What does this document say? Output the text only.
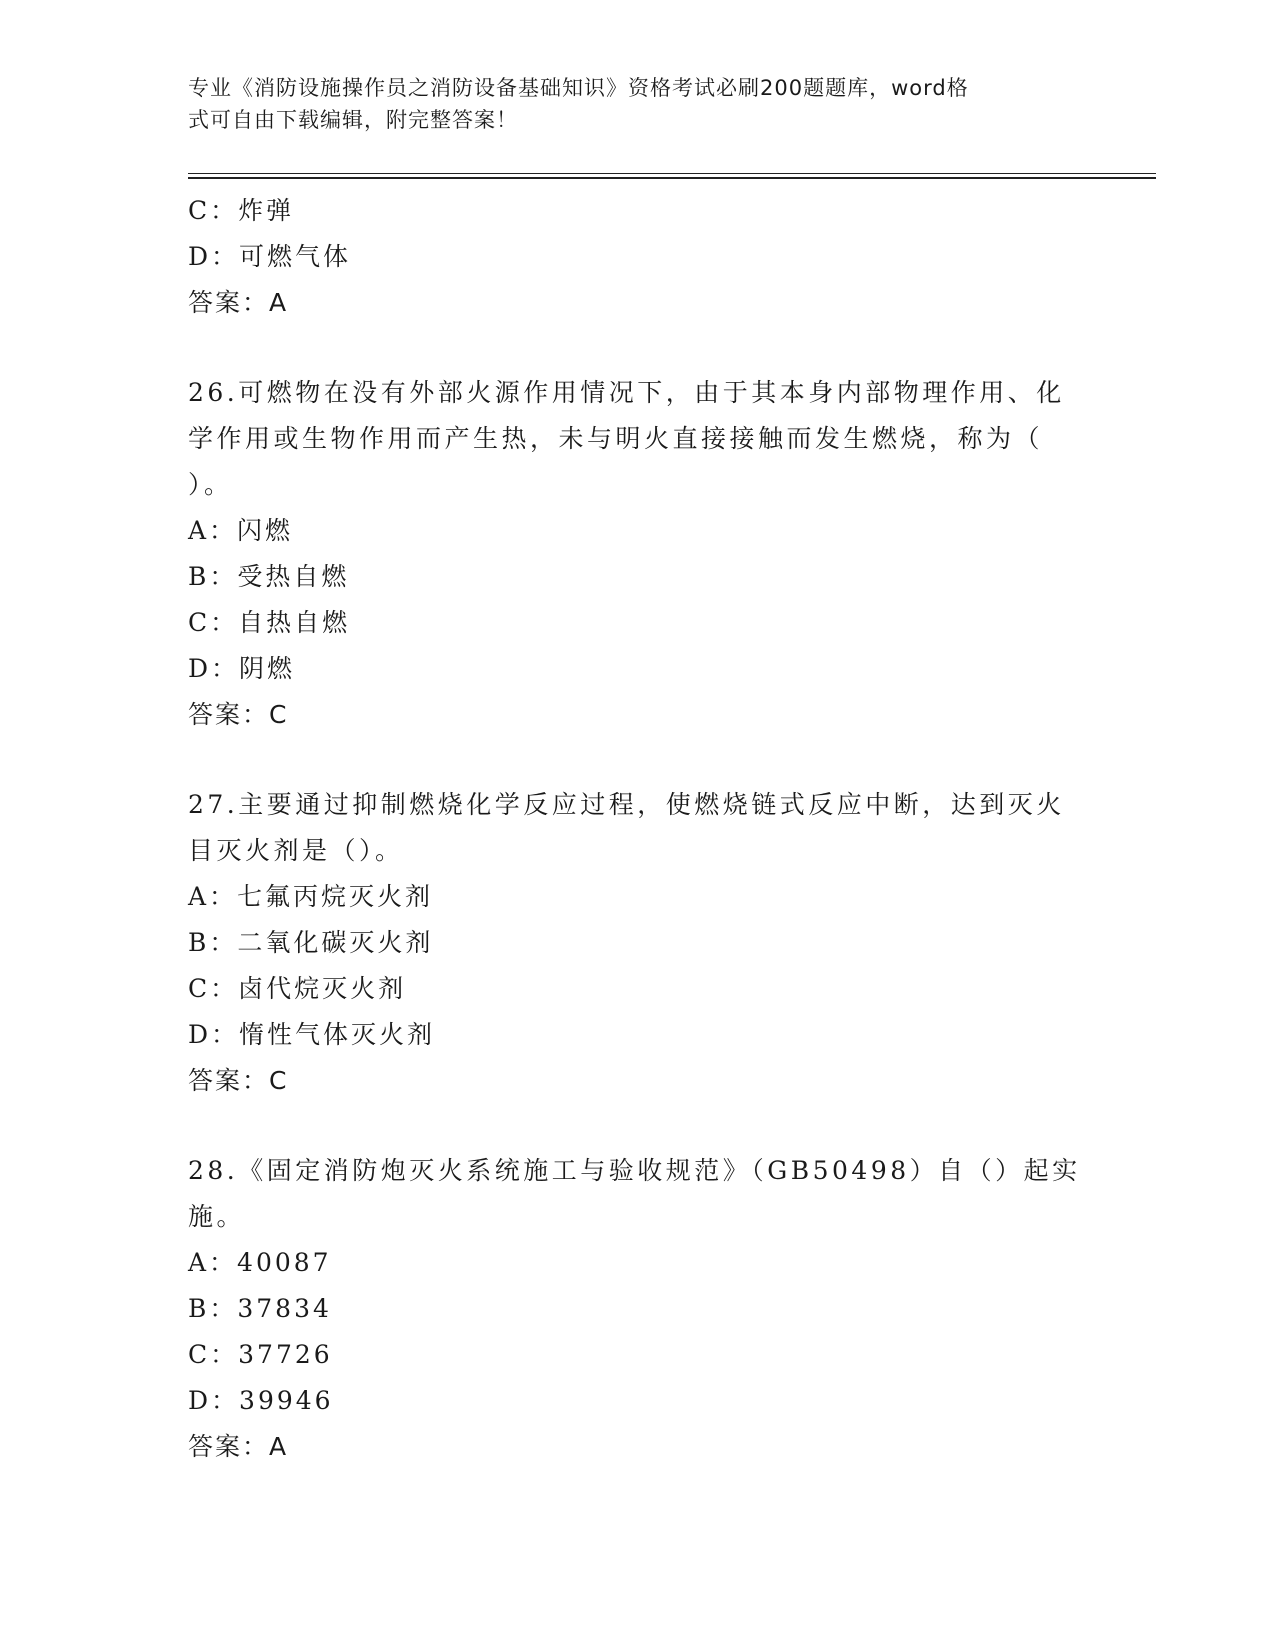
专业《消防设施操作员之消防设备基础知识》资格考试必刷200题题库，word格
式可自由下载编辑，附完整答案！
C：炸弹
D：可燃气体
答案：A
26.可燃物在没有外部火源作用情况下，由于其本身内部物理作用、化
学作用或生物作用而产生热，未与明火直接接触而发生燃烧，称为（
）。
A：闪燃
B：受热自燃
C：自热自燃
D：阴燃
答案：C
27.主要通过抑制燃烧化学反应过程，使燃烧链式反应中断，达到灭火
目灭火剂是（）。
A：七氟丙烷灭火剂
B：二氧化碳灭火剂
C：卤代烷灭火剂
D：惰性气体灭火剂
答案：C
28.《固定消防炮灭火系统施工与验收规范》（GB50498）自（）起实
施。
A：40087
B：37834
C：37726
D：39946
答案：A
